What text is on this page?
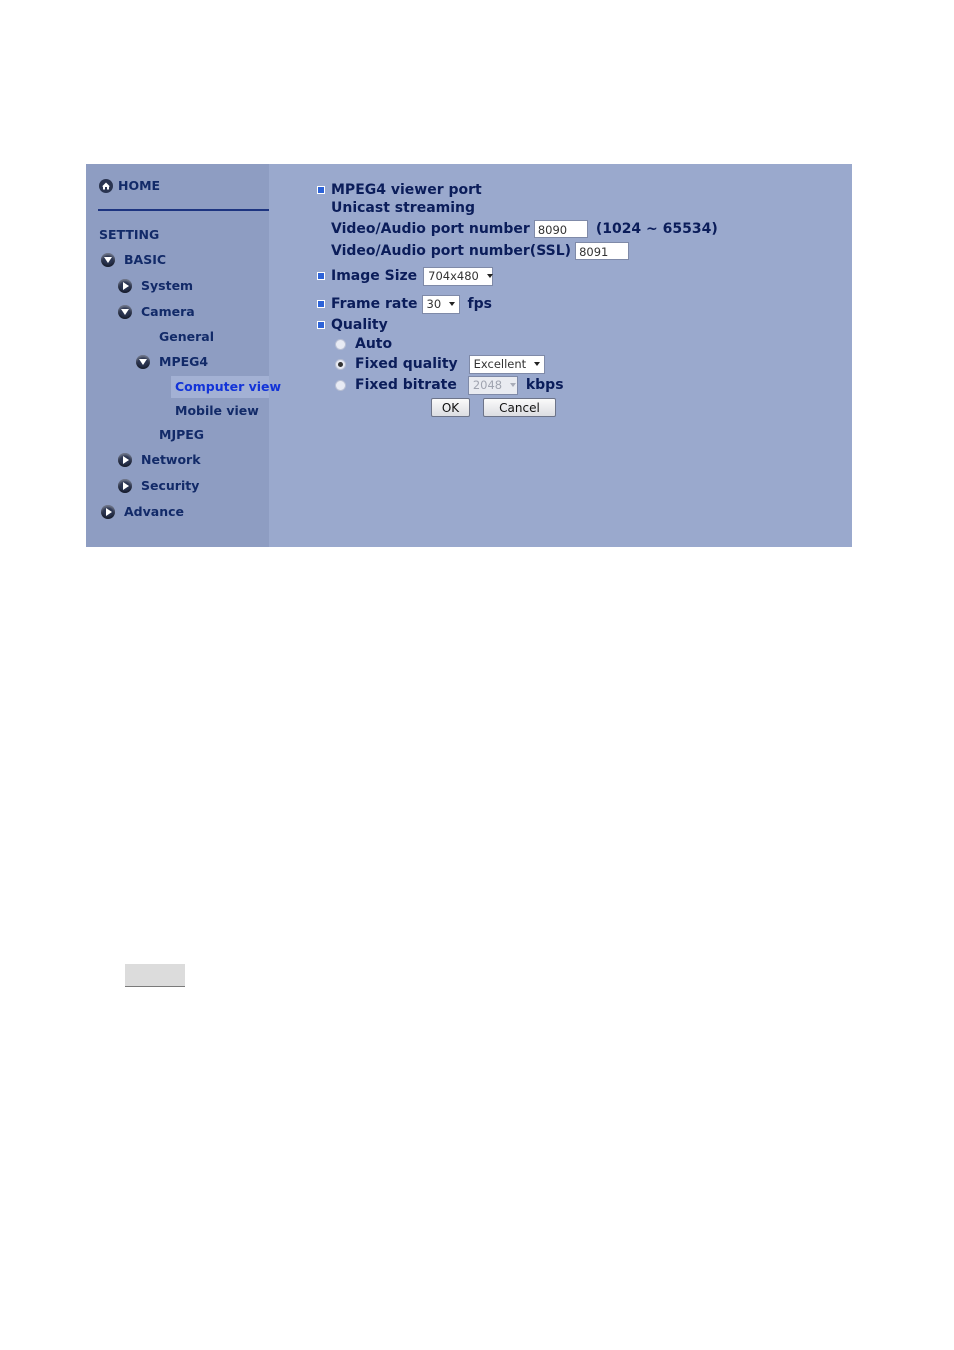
HOME
SETTING
BASIC
System
Camera
General
MPEG4
Computer view
Mobile view
MJPEG
Network
Security
Advance
MPEG4 viewer port
Unicast streaming
Video/Audio port number 8090	(1024 ~ 65534)
Video/Audio port number(SSL) 8091
Image Size 704x480
Frame rate 30 fps
Quality
Auto
Fixed quality Excellent
Fixed bitrate 2048 kbps
OK	Cancel
